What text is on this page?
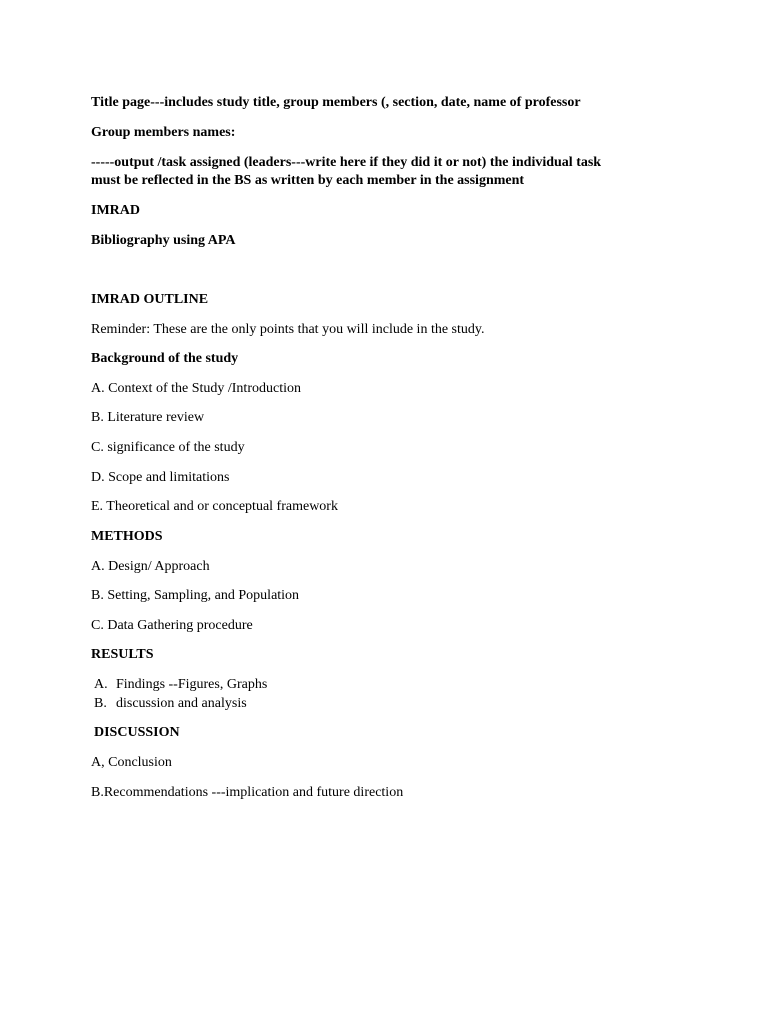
Title page---includes study title, group members (, section, date, name of professor

Group members names:

-----output /task assigned (leaders---write here if they did it or not) the individual task

must be reflected in the BS as written by each member in the assignment

IMRAD

Bibliography using APA

IMRAD OUTLINE

Reminder: These are the only points that you will include in the study.

Background of the study

A. Context of the Study /Introduction

B. Literature review

C. significance of the study

D. Scope and limitations

E. Theoretical and or conceptual framework

METHODS

A. Design/ Approach

B. Setting, Sampling, and Population

C. Data Gathering procedure

RESULTS

A. Findings --Figures, Graphs

B. discussion and analysis

DISCUSSION

A, Conclusion

B.Recommendations ---implication and future direction
